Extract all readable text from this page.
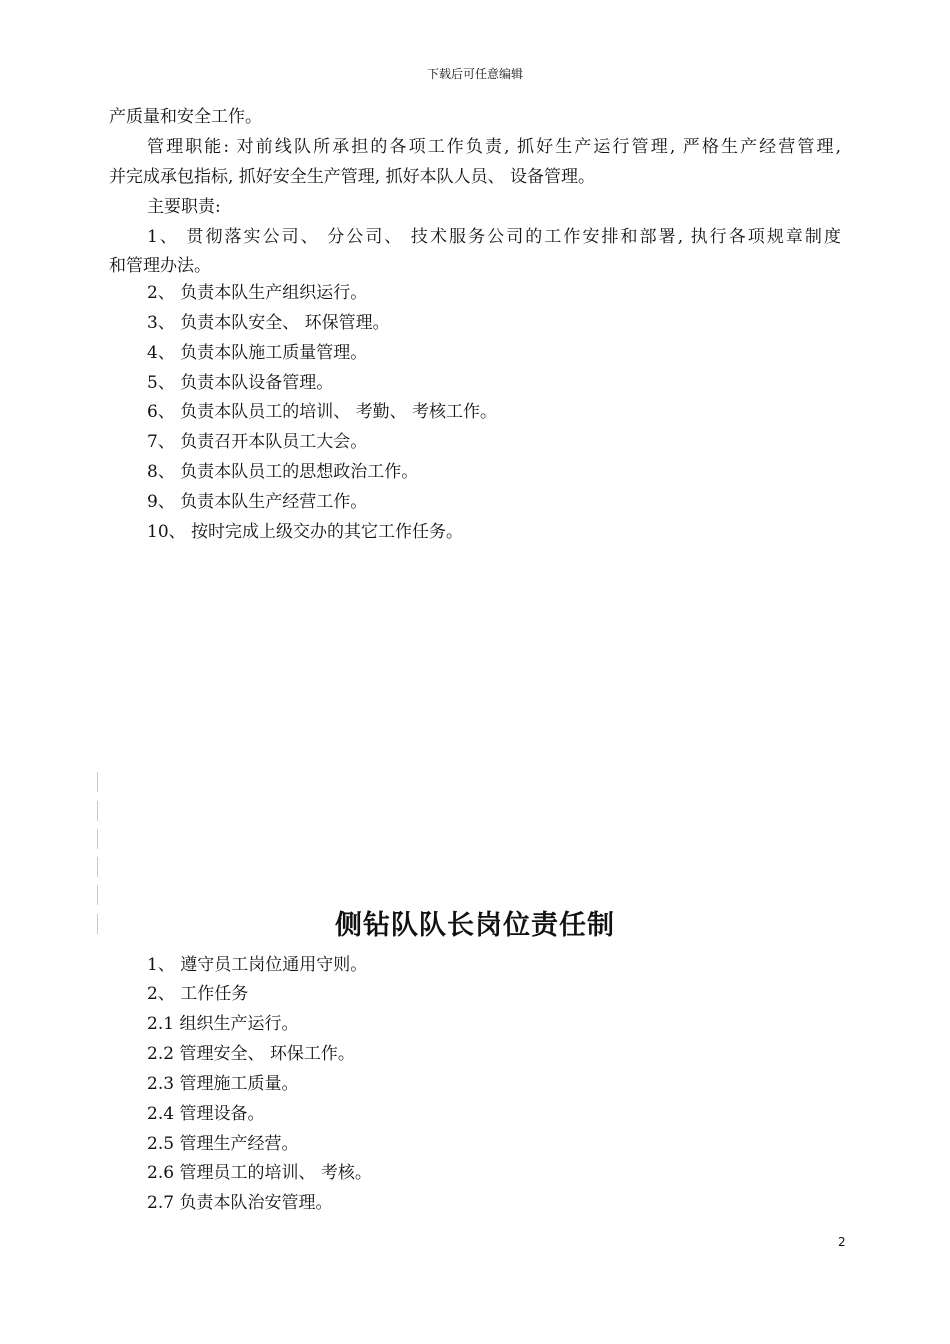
下载后可任意编辑
产质量和安全工作。
管理职能: 对前线队所承担的各项工作负责, 抓好生产运行管理, 严格生产经营管理,
并完成承包指标, 抓好安全生产管理, 抓好本队人员、 设备管理。
主要职责:
1、 贯彻落实公司、 分公司、 技术服务公司的工作安排和部署, 执行各项规章制度
和管理办法。
2、 负责本队生产组织运行。
3、 负责本队安全、 环保管理。
4、 负责本队施工质量管理。
5、 负责本队设备管理。
6、 负责本队员工的培训、 考勤、 考核工作。
7、 负责召开本队员工大会。
8、 负责本队员工的思想政治工作。
9、 负责本队生产经营工作。
10、 按时完成上级交办的其它工作任务。
侧钻队队长岗位责任制
1、 遵守员工岗位通用守则。
2、 工作任务
2.1 组织生产运行。
2.2 管理安全、 环保工作。
2.3 管理施工质量。
2.4 管理设备。
2.5 管理生产经营。
2.6 管理员工的培训、 考核。
2.7 负责本队治安管理。
2
